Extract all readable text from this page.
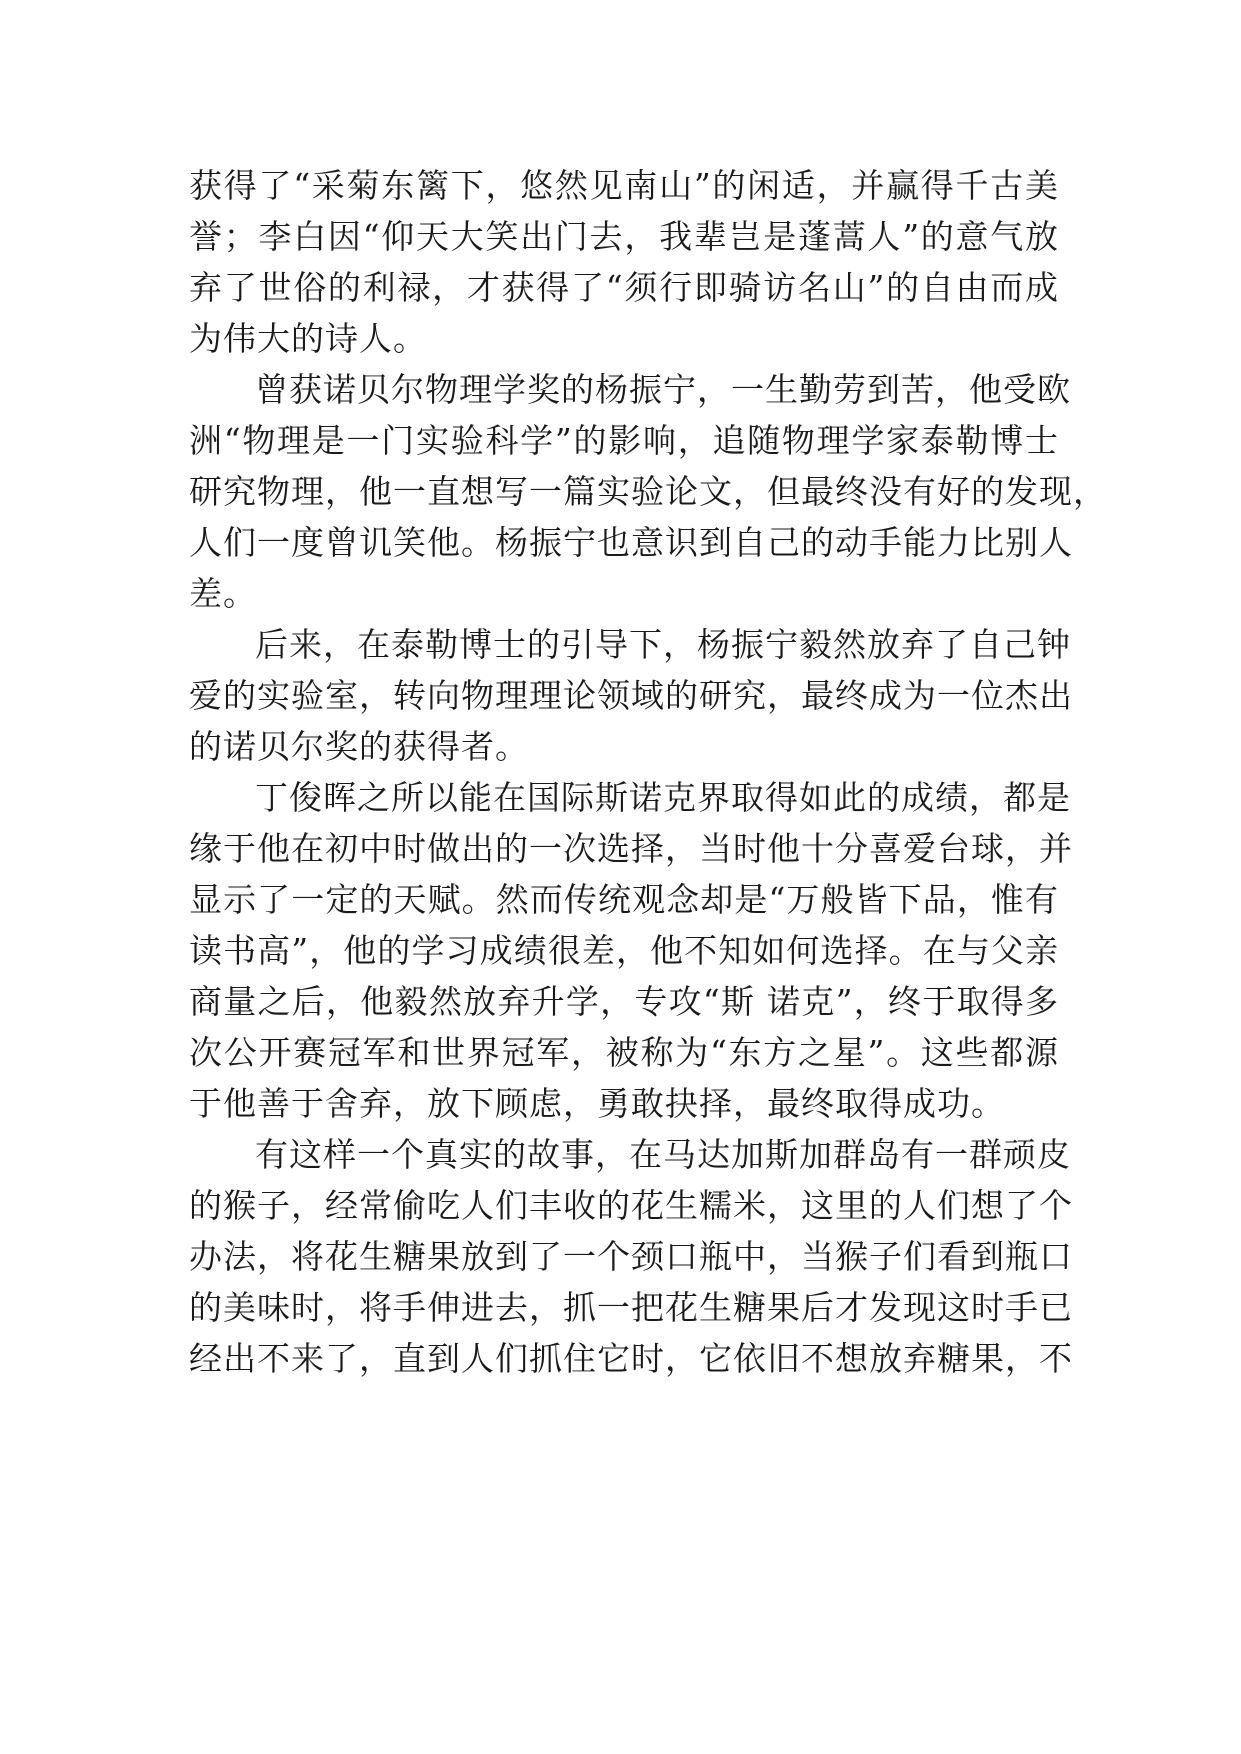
获得了“采菊东篱下，悠然见南山”的闲适，并赢得千古美
誉；李白因“仰天大笑出门去，我辈岂是蓬蒿人”的意气放
弃了世俗的利禄，才获得了“须行即骑访名山”的自由而成
为伟大的诗人。
曾获诺贝尔物理学奖的杨振宁，一生勤劳到苦，他受欧
洲“物理是一门实验科学”的影响，追随物理学家泰勒博士
研究物理，他一直想写一篇实验论文，但最终没有好的发现，
人们一度曾讥笑他。杨振宁也意识到自己的动手能力比别人
差。
后来，在泰勒博士的引导下，杨振宁毅然放弃了自己钟
爱的实验室，转向物理理论领域的研究，最终成为一位杰出
的诺贝尔奖的获得者。
丁俊晖之所以能在国际斯诺克界取得如此的成绩，都是
缘于他在初中时做出的一次选择，当时他十分喜爱台球，并
显示了一定的天赋。然而传统观念却是“万般皆下品，惟有
读书高”，他的学习成绩很差，他不知如何选择。在与父亲
商量之后，他毅然放弃升学，专攻“斯 诺克”，终于取得多
次公开赛冠军和世界冠军，被称为“东方之星”。这些都源
于他善于舍弃，放下顾虑，勇敢抉择，最终取得成功。
有这样一个真实的故事，在马达加斯加群岛有一群顽皮
的猴子，经常偷吃人们丰收的花生糯米，这里的人们想了个
办法，将花生糖果放到了一个颈口瓶中，当猴子们看到瓶口
的美味时，将手伸进去，抓一把花生糖果后才发现这时手已
经出不来了，直到人们抓住它时，它依旧不想放弃糖果，不
